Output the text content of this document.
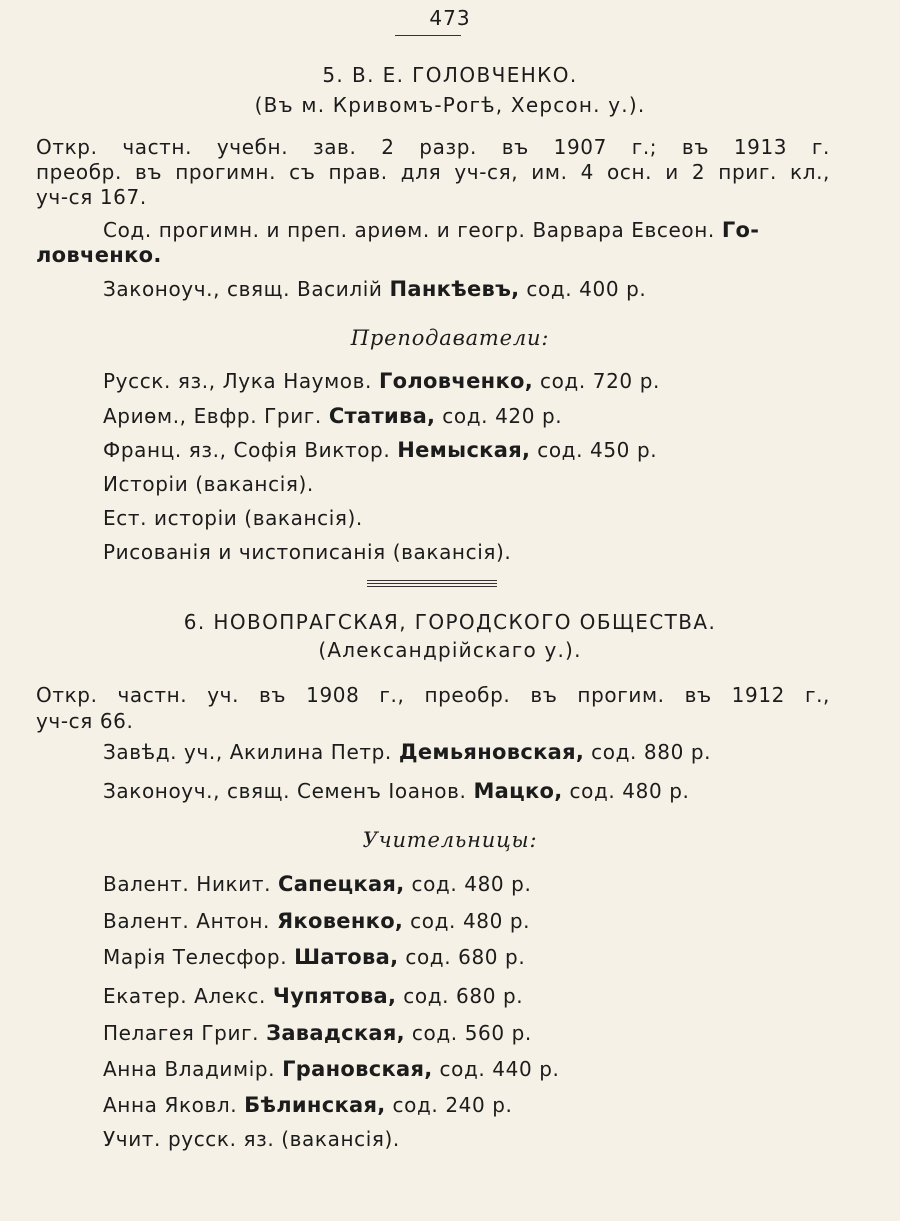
473
5. В. Е. ГОЛОВЧЕНКО.
(Въ м. Кривомъ-Рогѣ, Херсон. у.).
Откр. частн. учебн. зав. 2 разр. въ 1907 г.; въ 1913 г.
преобр. въ прогимн. съ прав. для уч-ся, им. 4 осн. и 2 приг. кл.,
уч-ся 167.
Сод. прогимн. и преп. ариѳм. и геогр. Варвара Евсеон. Го-
ловченко.
Законоуч., свящ. Василій Панкѣевъ, сод. 400 р.
Преподаватели:
Русск. яз., Лука Наумов. Головченко, сод. 720 р.
Ариѳм., Евфр. Григ. Статива, сод. 420 р.
Франц. яз., Софія Виктор. Немыская, сод. 450 р.
Исторіи (вакансія).
Ест. исторіи (вакансія).
Рисованія и чистописанія (вакансія).
6. НОВОПРАГСКАЯ, ГОРОДСКОГО ОБЩЕСТВА.
(Александрійскаго у.).
Откр. частн. уч. въ 1908 г., преобр. въ прогим. въ 1912 г.,
уч-ся 66.
Завѣд. уч., Акилина Петр. Демьяновская, сод. 880 р.
Законоуч., свящ. Семенъ Іоанов. Мацко, сод. 480 р.
Учительницы:
Валент. Никит. Сапецкая, сод. 480 р.
Валент. Антон. Яковенко, сод. 480 р.
Марія Телесфор. Шатова, сод. 680 р.
Екатер. Алекс. Чупятова, сод. 680 р.
Пелагея Григ. Завадская, сод. 560 р.
Анна Владимір. Грановская, сод. 440 р.
Анна Яковл. Бѣлинская, сод. 240 р.
Учит. русск. яз. (вакансія).
